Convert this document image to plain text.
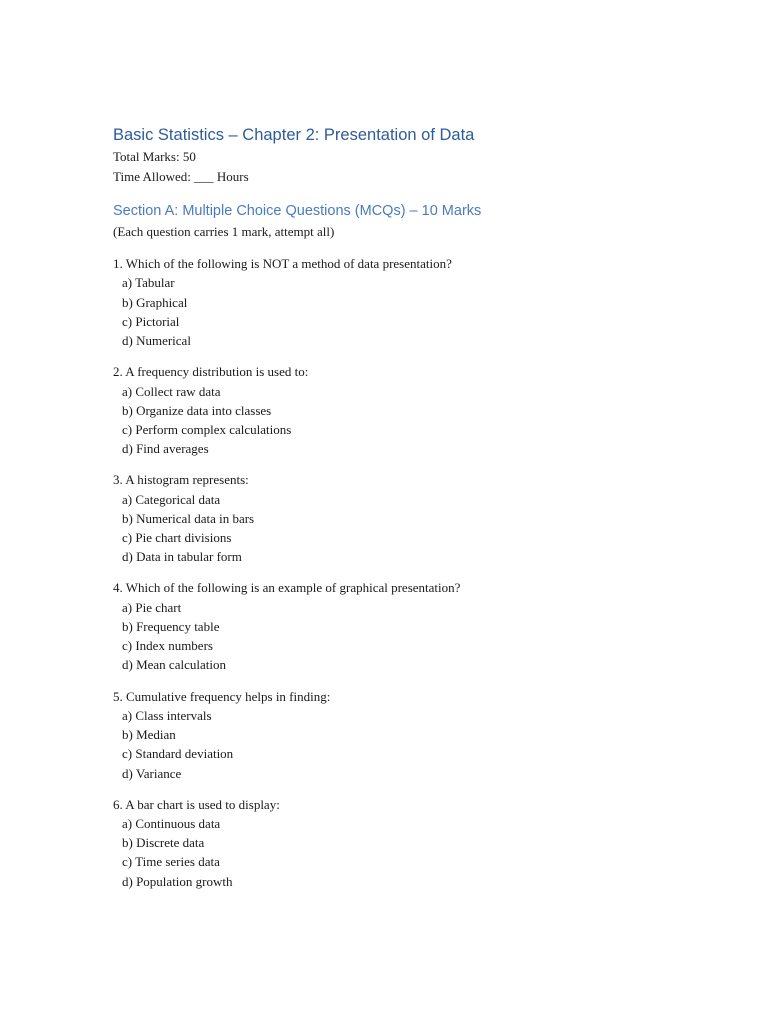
Basic Statistics – Chapter 2: Presentation of Data

Total Marks: 50

Time Allowed: ___ Hours

Section A: Multiple Choice Questions (MCQs) – 10 Marks

(Each question carries 1 mark, attempt all)

1. Which of the following is NOT a method of data presentation?

a) Tabular

b) Graphical

c) Pictorial

d) Numerical

2. A frequency distribution is used to:

a) Collect raw data

b) Organize data into classes

c) Perform complex calculations

d) Find averages

3. A histogram represents:

a) Categorical data

b) Numerical data in bars

c) Pie chart divisions

d) Data in tabular form

4. Which of the following is an example of graphical presentation?

a) Pie chart

b) Frequency table

c) Index numbers

d) Mean calculation

5. Cumulative frequency helps in finding:

a) Class intervals

b) Median

c) Standard deviation

d) Variance

6. A bar chart is used to display:

a) Continuous data

b) Discrete data

c) Time series data

d) Population growth
